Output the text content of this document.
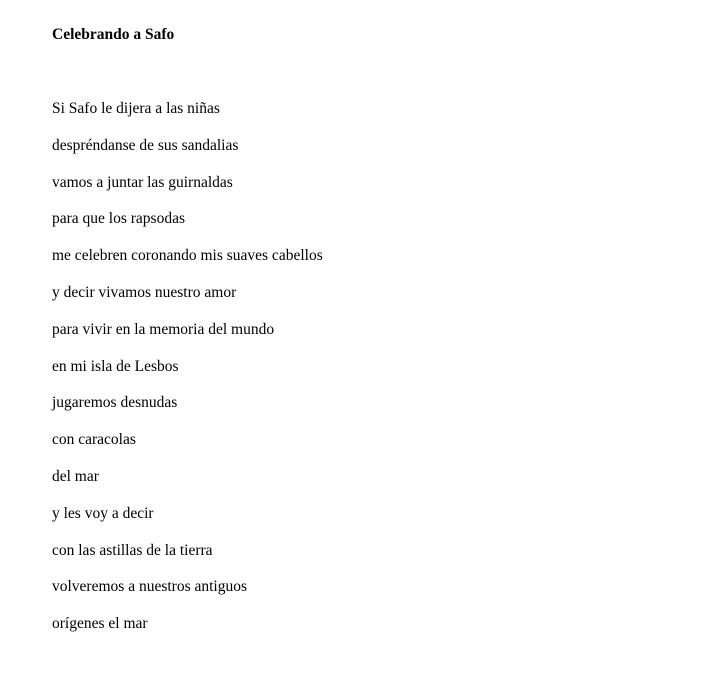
Celebrando a Safo
Si Safo le dijera a las niñas
despréndanse de sus sandalias
vamos a juntar las guirnaldas
para que los rapsodas
me celebren coronando mis suaves cabellos
y decir vivamos nuestro amor
para vivir en la memoria del mundo
en mi isla de Lesbos
jugaremos desnudas
con caracolas
del mar
y les voy a decir
con las astillas de la tierra
volveremos a nuestros antiguos
orígenes el mar
